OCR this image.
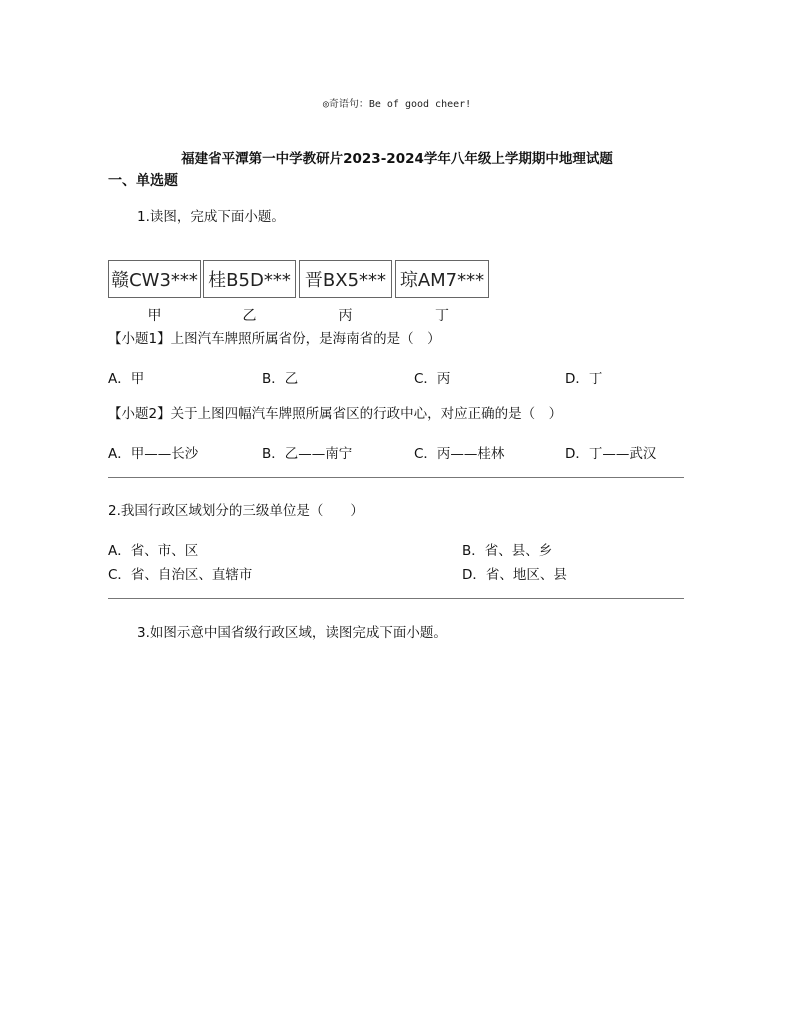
◎奇语句：Be of good cheer!
福建省平潭第一中学教研片2023-2024学年八年级上学期期中地理试题
一、单选题
1.读图，完成下面小题。
赣CW3*** 桂B5D*** 晋BX5*** 琼AM7***
甲	乙	丙	丁
【小题1】上图汽车牌照所属省份，是海南省的是（　）
A．甲	B．乙	C．丙	D．丁
【小题2】关于上图四幅汽车牌照所属省区的行政中心，对应正确的是（　）
A．甲——长沙	B．乙——南宁	C．丙——桂林	D．丁——武汉
2.我国行政区域划分的三级单位是（　　）
A．省、市、区	B．省、县、乡
C．省、自治区、直辖市	D．省、地区、县
3.如图示意中国省级行政区域，读图完成下面小题。
